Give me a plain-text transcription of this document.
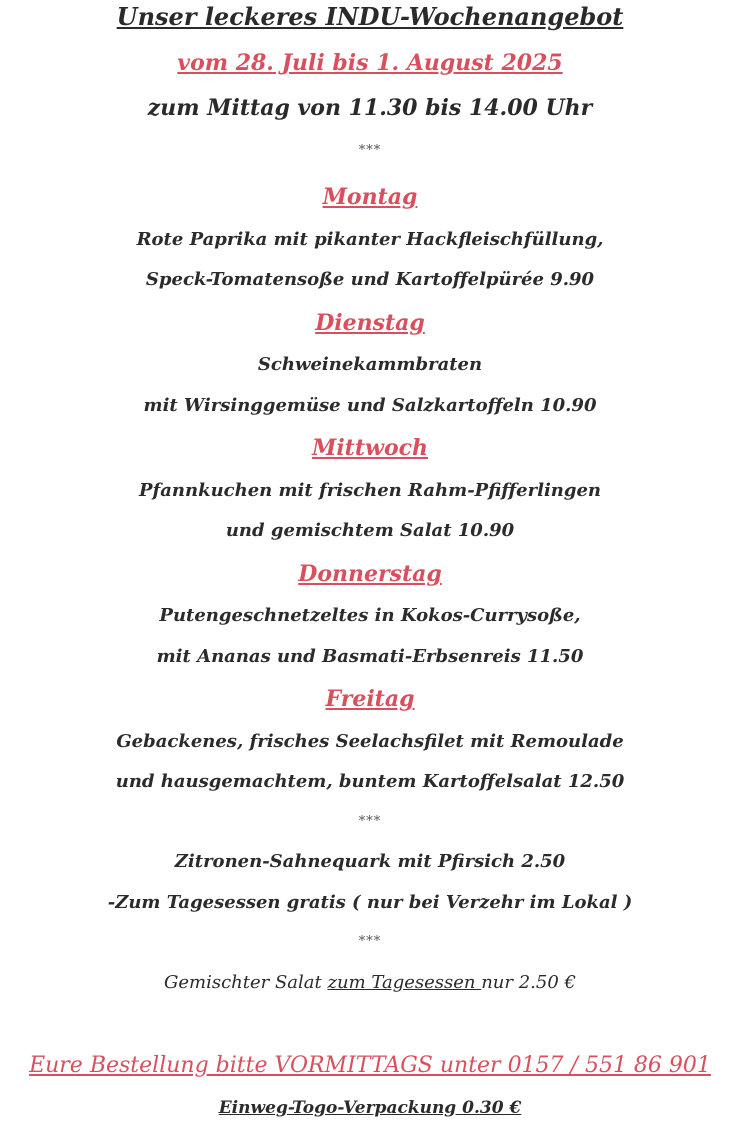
Unser leckeres INDU-Wochenangebot
vom 28. Juli bis 1. August 2025
zum Mittag von 11.30 bis 14.00 Uhr
***
Montag
Rote Paprika mit pikanter Hackfleischfüllung,
Speck-Tomatensoße und Kartoffelpürée 9.90
Dienstag
Schweinekammbraten
mit Wirsinggemüse und Salzkartoffeln 10.90
Mittwoch
Pfannkuchen mit frischen Rahm-Pfifferlingen
und gemischtem Salat 10.90
Donnerstag
Putengeschnetzeltes in Kokos-Currysoße,
mit Ananas und Basmati-Erbsenreis 11.50
Freitag
Gebackenes, frisches Seelachsfilet mit Remoulade
und hausgemachtem, buntem Kartoffelsalat 12.50
***
Zitronen-Sahnequark mit Pfirsich 2.50
-Zum Tagesessen gratis ( nur bei Verzehr im Lokal )
***
Gemischter Salat zum Tagesessen nur 2.50 €
Eure Bestellung bitte VORMITTAGS unter 0157 / 551 86 901
Einweg-Togo-Verpackung 0.30 €
